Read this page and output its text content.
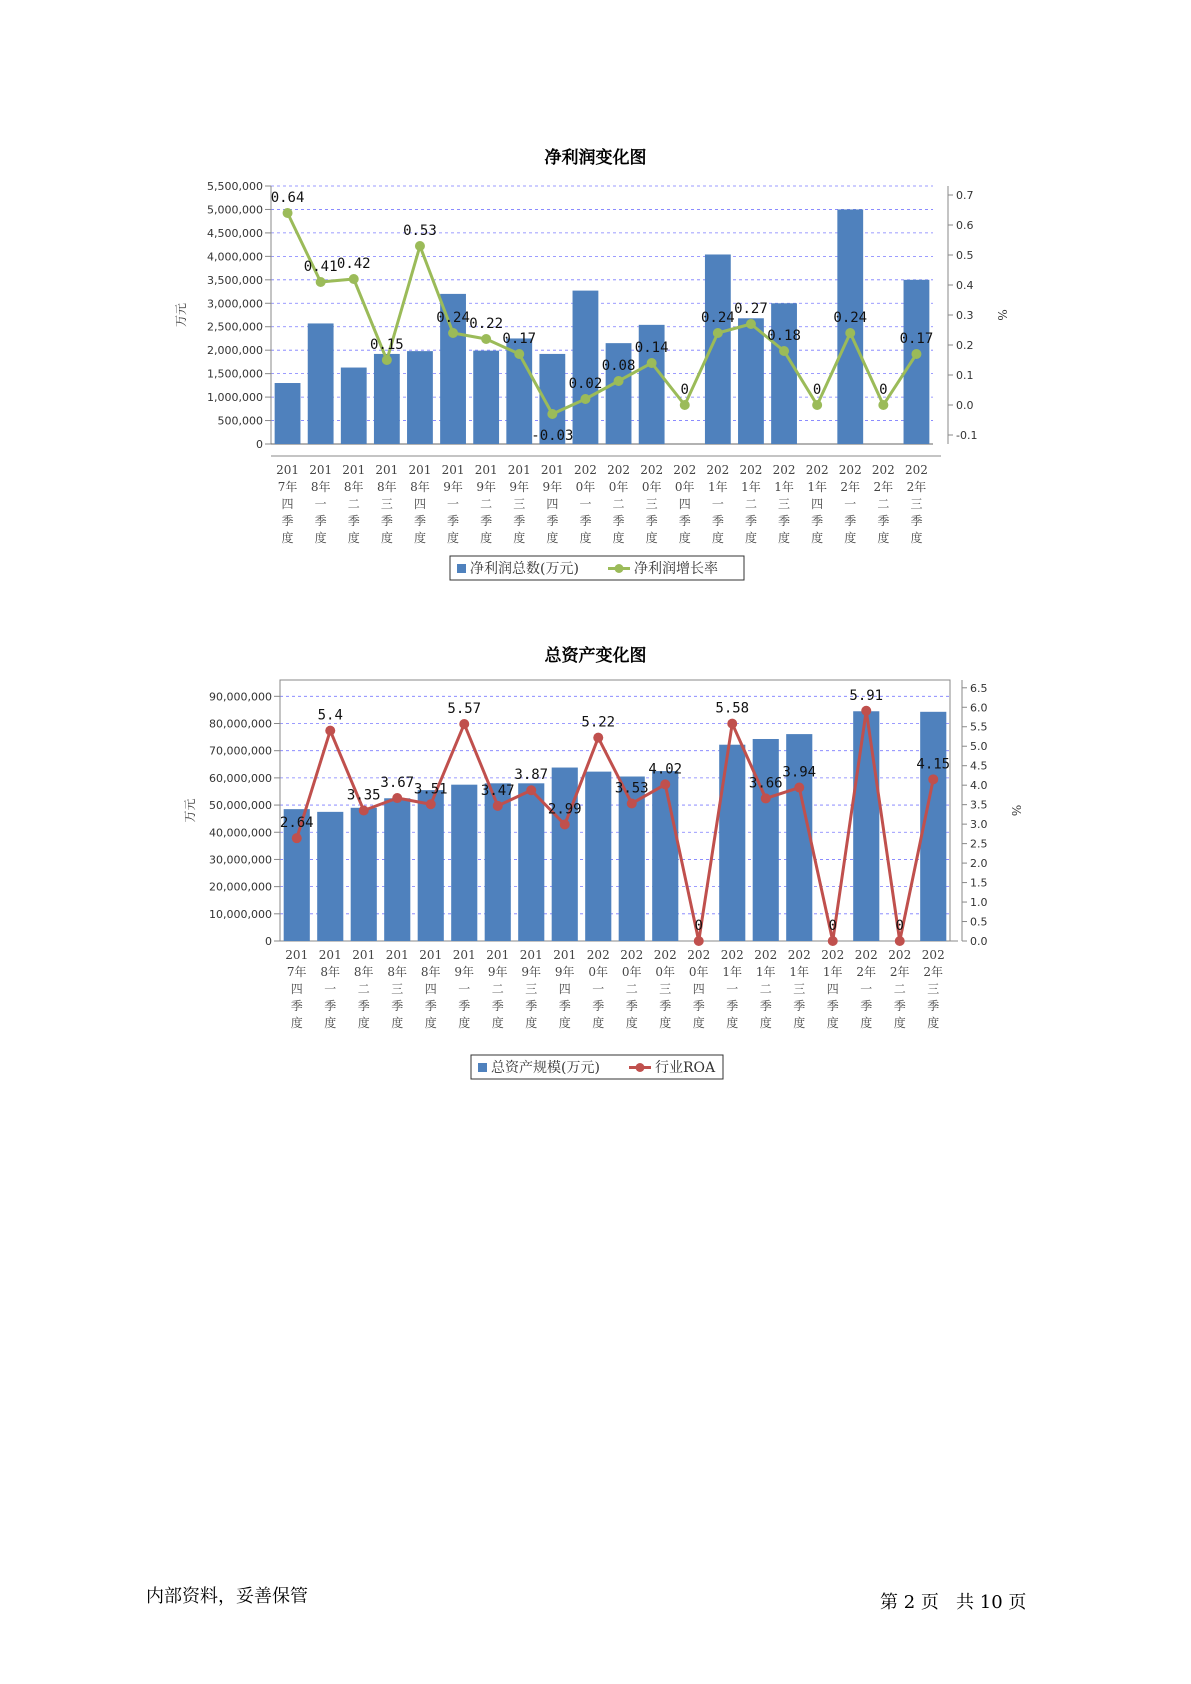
净利润变化图
0
500,000
1,000,000
1,500,000
2,000,000
2,500,000
3,000,000
3,500,000
4,000,000
4,500,000
5,000,000
5,500,000
-0.1
0.0
0.1
0.2
0.3
0.4
0.5
0.6
0.7
万元	%
201 7年四季度
201 8年一季度
201 8年二季度
201 8年三季度
201 8年四季度
201 9年一季度
201 9年二季度
201 9年三季度
201 9年四季度
202 0年一季度
202 0年二季度
202 0年三季度
202 0年四季度
202 1年一季度
202 1年二季度
202 1年三季度
202 1年四季度
202 2年一季度
202 2年二季度
202 2年三季度
0.64
0.41 0.42
0.15
0.53
0.24 0.22
0.17
-0.03
0.02
0.08
0.14
0
0.24
0.27
0.18
0
0.24
0
0.17
净利润总数(万元)	净利润增长率
总资产变化图
0
10,000,000
20,000,000
30,000,000
40,000,000
50,000,000
60,000,000
70,000,000
80,000,000
90,000,000
0.0
0.5
1.0
1.5
2.0
2.5
3.0
3.5
4.0
4.5
5.0
5.5
6.0
6.5
万元	%
201 7年四季度
201 8年一季度
201 8年二季度
201 8年三季度
201 8年四季度
201 9年一季度
201 9年二季度
201 9年三季度
201 9年四季度
202 0年一季度
202 0年二季度
202 0年三季度
202 0年四季度
202 1年一季度
202 1年二季度
202 1年三季度
202 1年四季度
202 2年一季度
202 2年二季度
202 2年三季度
2.64
5.4
3.35
3.67 3.51
5.57
3.47
3.87
2.99
5.22
3.53
4.02
0
5.58
3.66
3.94
0
5.91
0
4.15
总资产规模(万元)	行业ROA
内部资料，妥善保管	第 2 页   共 10 页
